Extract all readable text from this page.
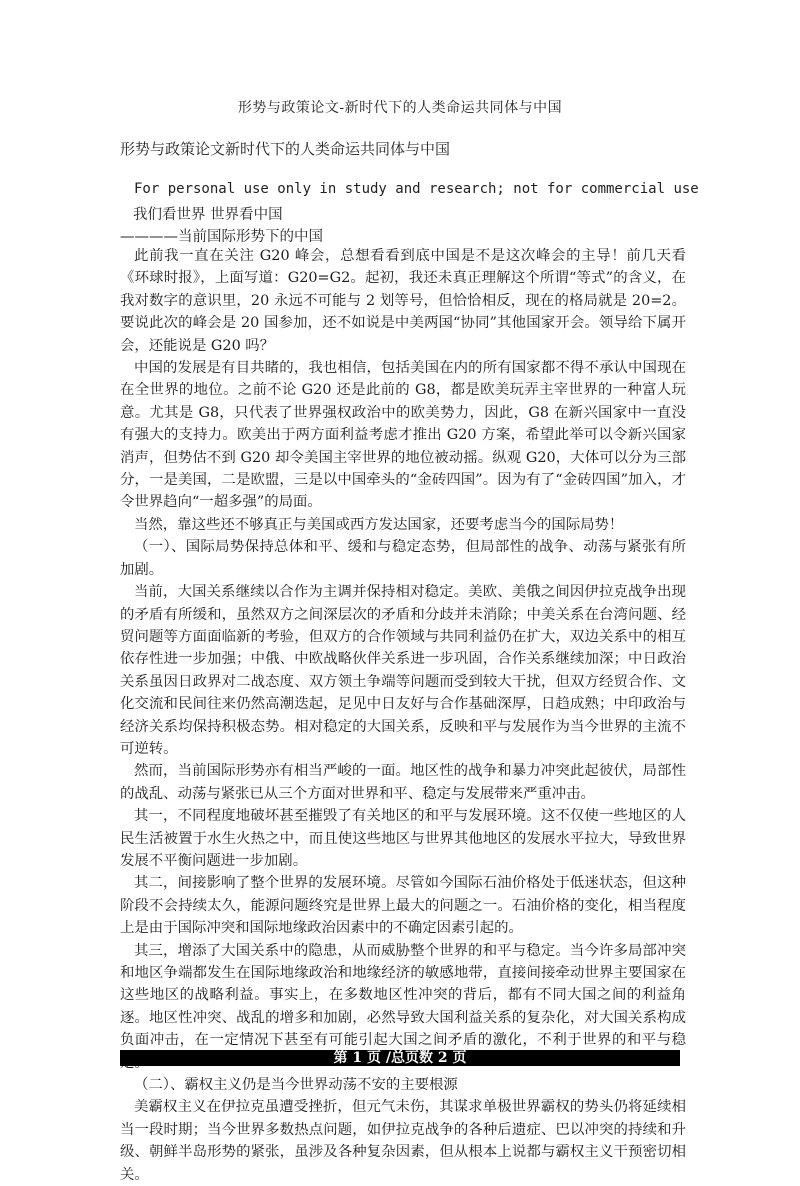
形势与政策论文-新时代下的人类命运共同体与中国
形势与政策论文新时代下的人类命运共同体与中国
For personal use only in study and research; not for commercial use
我们看世界 世界看中国
————当前国际形势下的中国

此前我一直在关注 G20 峰会，总想看看到底中国是不是这次峰会的主导！前几天看《环球时报》，上面写道：G20=G2。起初，我还未真正理解这个所谓“等式”的含义，在我对数字的意识里，20 永远不可能与 2 划等号，但恰恰相反，现在的格局就是 20=2。要说此次的峰会是 20 国参加，还不如说是中美两国“协同”其他国家开会。领导给下属开会，还能说是 G20 吗？

中国的发展是有目共睹的，我也相信，包括美国在内的所有国家都不得不承认中国现在在全世界的地位。之前不论 G20 还是此前的 G8，都是欧美玩弄主宰世界的一种富人玩意。尤其是 G8，只代表了世界强权政治中的欧美势力，因此，G8 在新兴国家中一直没有强大的支持力。欧美出于两方面利益考虑才推出 G20 方案，希望此举可以令新兴国家消声，但势估不到 G20 却令美国主宰世界的地位被动摇。纵观 G20，大体可以分为三部分，一是美国，二是欧盟，三是以中国牵头的“金砖四国”。因为有了“金砖四国”加入，才令世界趋向“一超多强”的局面。

当然，靠这些还不够真正与美国或西方发达国家，还要考虑当今的国际局势！

（一）、国际局势保持总体和平、缓和与稳定态势，但局部性的战争、动荡与紧张有所加剧。

当前，大国关系继续以合作为主调并保持相对稳定。美欧、美俄之间因伊拉克战争出现的矛盾有所缓和，虽然双方之间深层次的矛盾和分歧并未消除；中美关系在台湾问题、经贸问题等方面面临新的考验，但双方的合作领域与共同利益仍在扩大，双边关系中的相互依存性进一步加强；中俄、中欧战略伙伴关系进一步巩固，合作关系继续加深；中日政治关系虽因日政界对二战态度、双方领土争端等问题而受到较大干扰，但双方经贸合作、文化交流和民间往来仍然高潮迭起，足见中日友好与合作基础深厚，日趋成熟；中印政治与经济关系均保持积极态势。相对稳定的大国关系，反映和平与发展作为当今世界的主流不可逆转。

然而，当前国际形势亦有相当严峻的一面。地区性的战争和暴力冲突此起彼伏，局部性的战乱、动荡与紧张已从三个方面对世界和平、稳定与发展带来严重冲击。

其一，不同程度地破坏甚至摧毁了有关地区的和平与发展环境。这不仅使一些地区的人民生活被置于水生火热之中，而且使这些地区与世界其他地区的发展水平拉大，导致世界发展不平衡问题进一步加剧。

其二，间接影响了整个世界的发展环境。尽管如今国际石油价格处于低迷状态，但这种阶段不会持续太久，能源问题终究是世界上最大的问题之一。石油价格的变化，相当程度上是由于国际冲突和国际地缘政治因素中的不确定因素引起的。

其三，增添了大国关系中的隐患，从而威胁整个世界的和平与稳定。当今许多局部冲突和地区争端都发生在国际地缘政治和地缘经济的敏感地带，直接间接牵动世界主要国家在这些地区的战略利益。事实上，在多数地区性冲突的背后，都有不同大国之间的利益角逐。地区性冲突、战乱的增多和加剧，必然导致大国利益关系的复杂化，对大国关系构成负面冲击，在一定情况下甚至有可能引起大国之间矛盾的激化，不利于世界的和平与稳

（二）、霸权主义仍是当今世界动荡不安的主要根源

美霸权主义在伊拉克虽遭受挫折，但元气未伤，其谋求单极世界霸权的势头仍将延续相当一段时期；当今世界多数热点问题，如伊拉克战争的各种后遗症、巴以冲突的持续和升级、朝鲜半岛形势的紧张，虽涉及各种复杂因素，但从根本上说都与霸权主义干预密切相关。

第 1 页 /总页数 2 页
